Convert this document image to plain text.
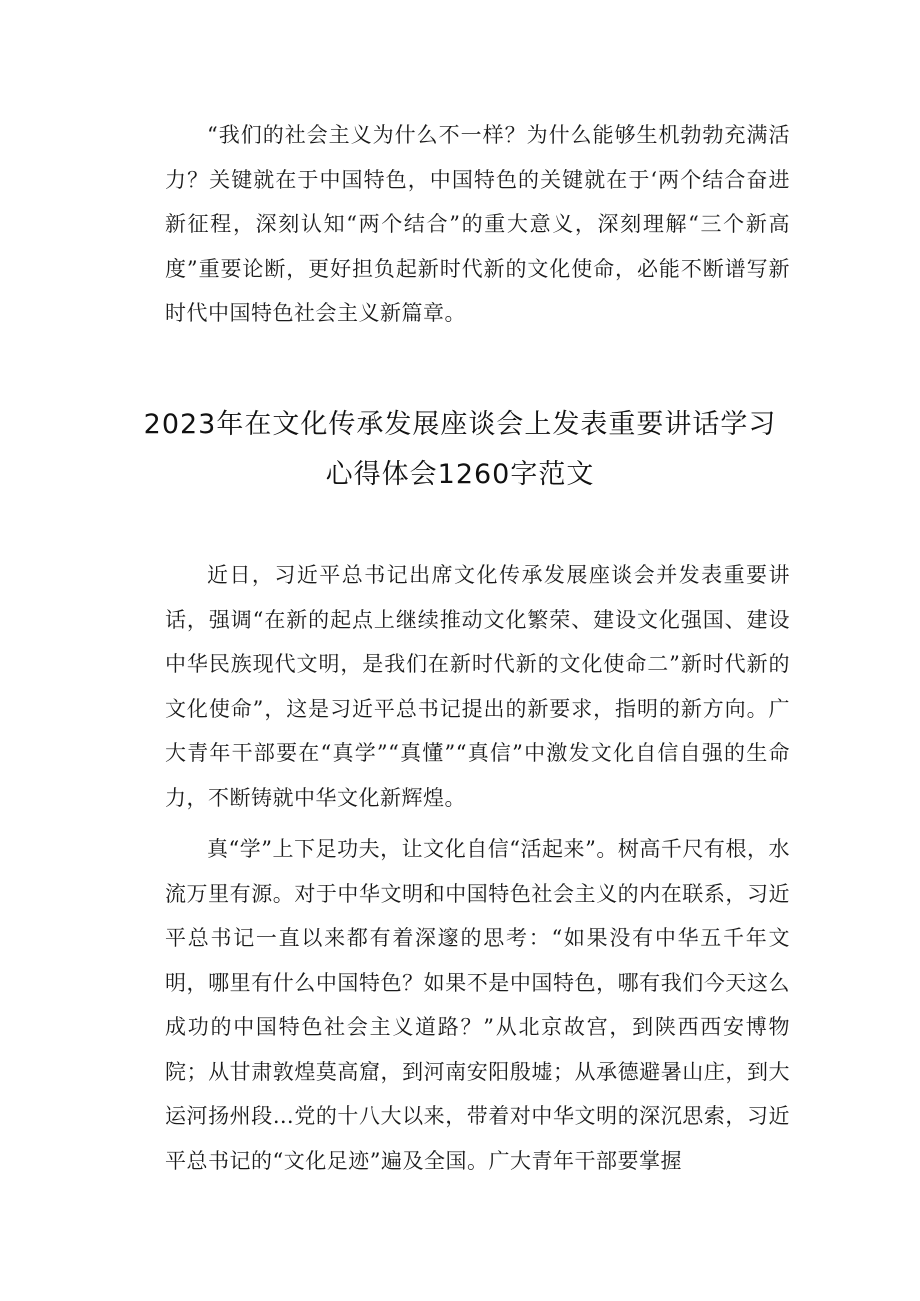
“我们的社会主义为什么不一样？为什么能够生机勃勃充满活力？关键就在于中国特色，中国特色的关键就在于‘两个结合奋进新征程，深刻认知“两个结合”的重大意义，深刻理解“三个新高度”重要论断，更好担负起新时代新的文化使命，必能不断谱写新时代中国特色社会主义新篇章。

2023年在文化传承发展座谈会上发表重要讲话学习
心得体会1260字范文

近日，习近平总书记出席文化传承发展座谈会并发表重要讲话，强调“在新的起点上继续推动文化繁荣、建设文化强国、建设中华民族现代文明，是我们在新时代新的文化使命二”新时代新的文化使命”，这是习近平总书记提出的新要求，指明的新方向。广大青年干部要在“真学”“真懂”“真信”中激发文化自信自强的生命力，不断铸就中华文化新辉煌。

真“学”上下足功夫，让文化自信“活起来”。树高千尺有根，水流万里有源。对于中华文明和中国特色社会主义的内在联系，习近平总书记一直以来都有着深邃的思考：“如果没有中华五千年文明，哪里有什么中国特色？如果不是中国特色，哪有我们今天这么成功的中国特色社会主义道路？”从北京故宫，到陕西西安博物院；从甘肃敦煌莫高窟，到河南安阳殷墟；从承德避暑山庄，到大运河扬州段…党的十八大以来，带着对中华文明的深沉思索，习近平总书记的“文化足迹”遍及全国。广大青年干部要掌握
